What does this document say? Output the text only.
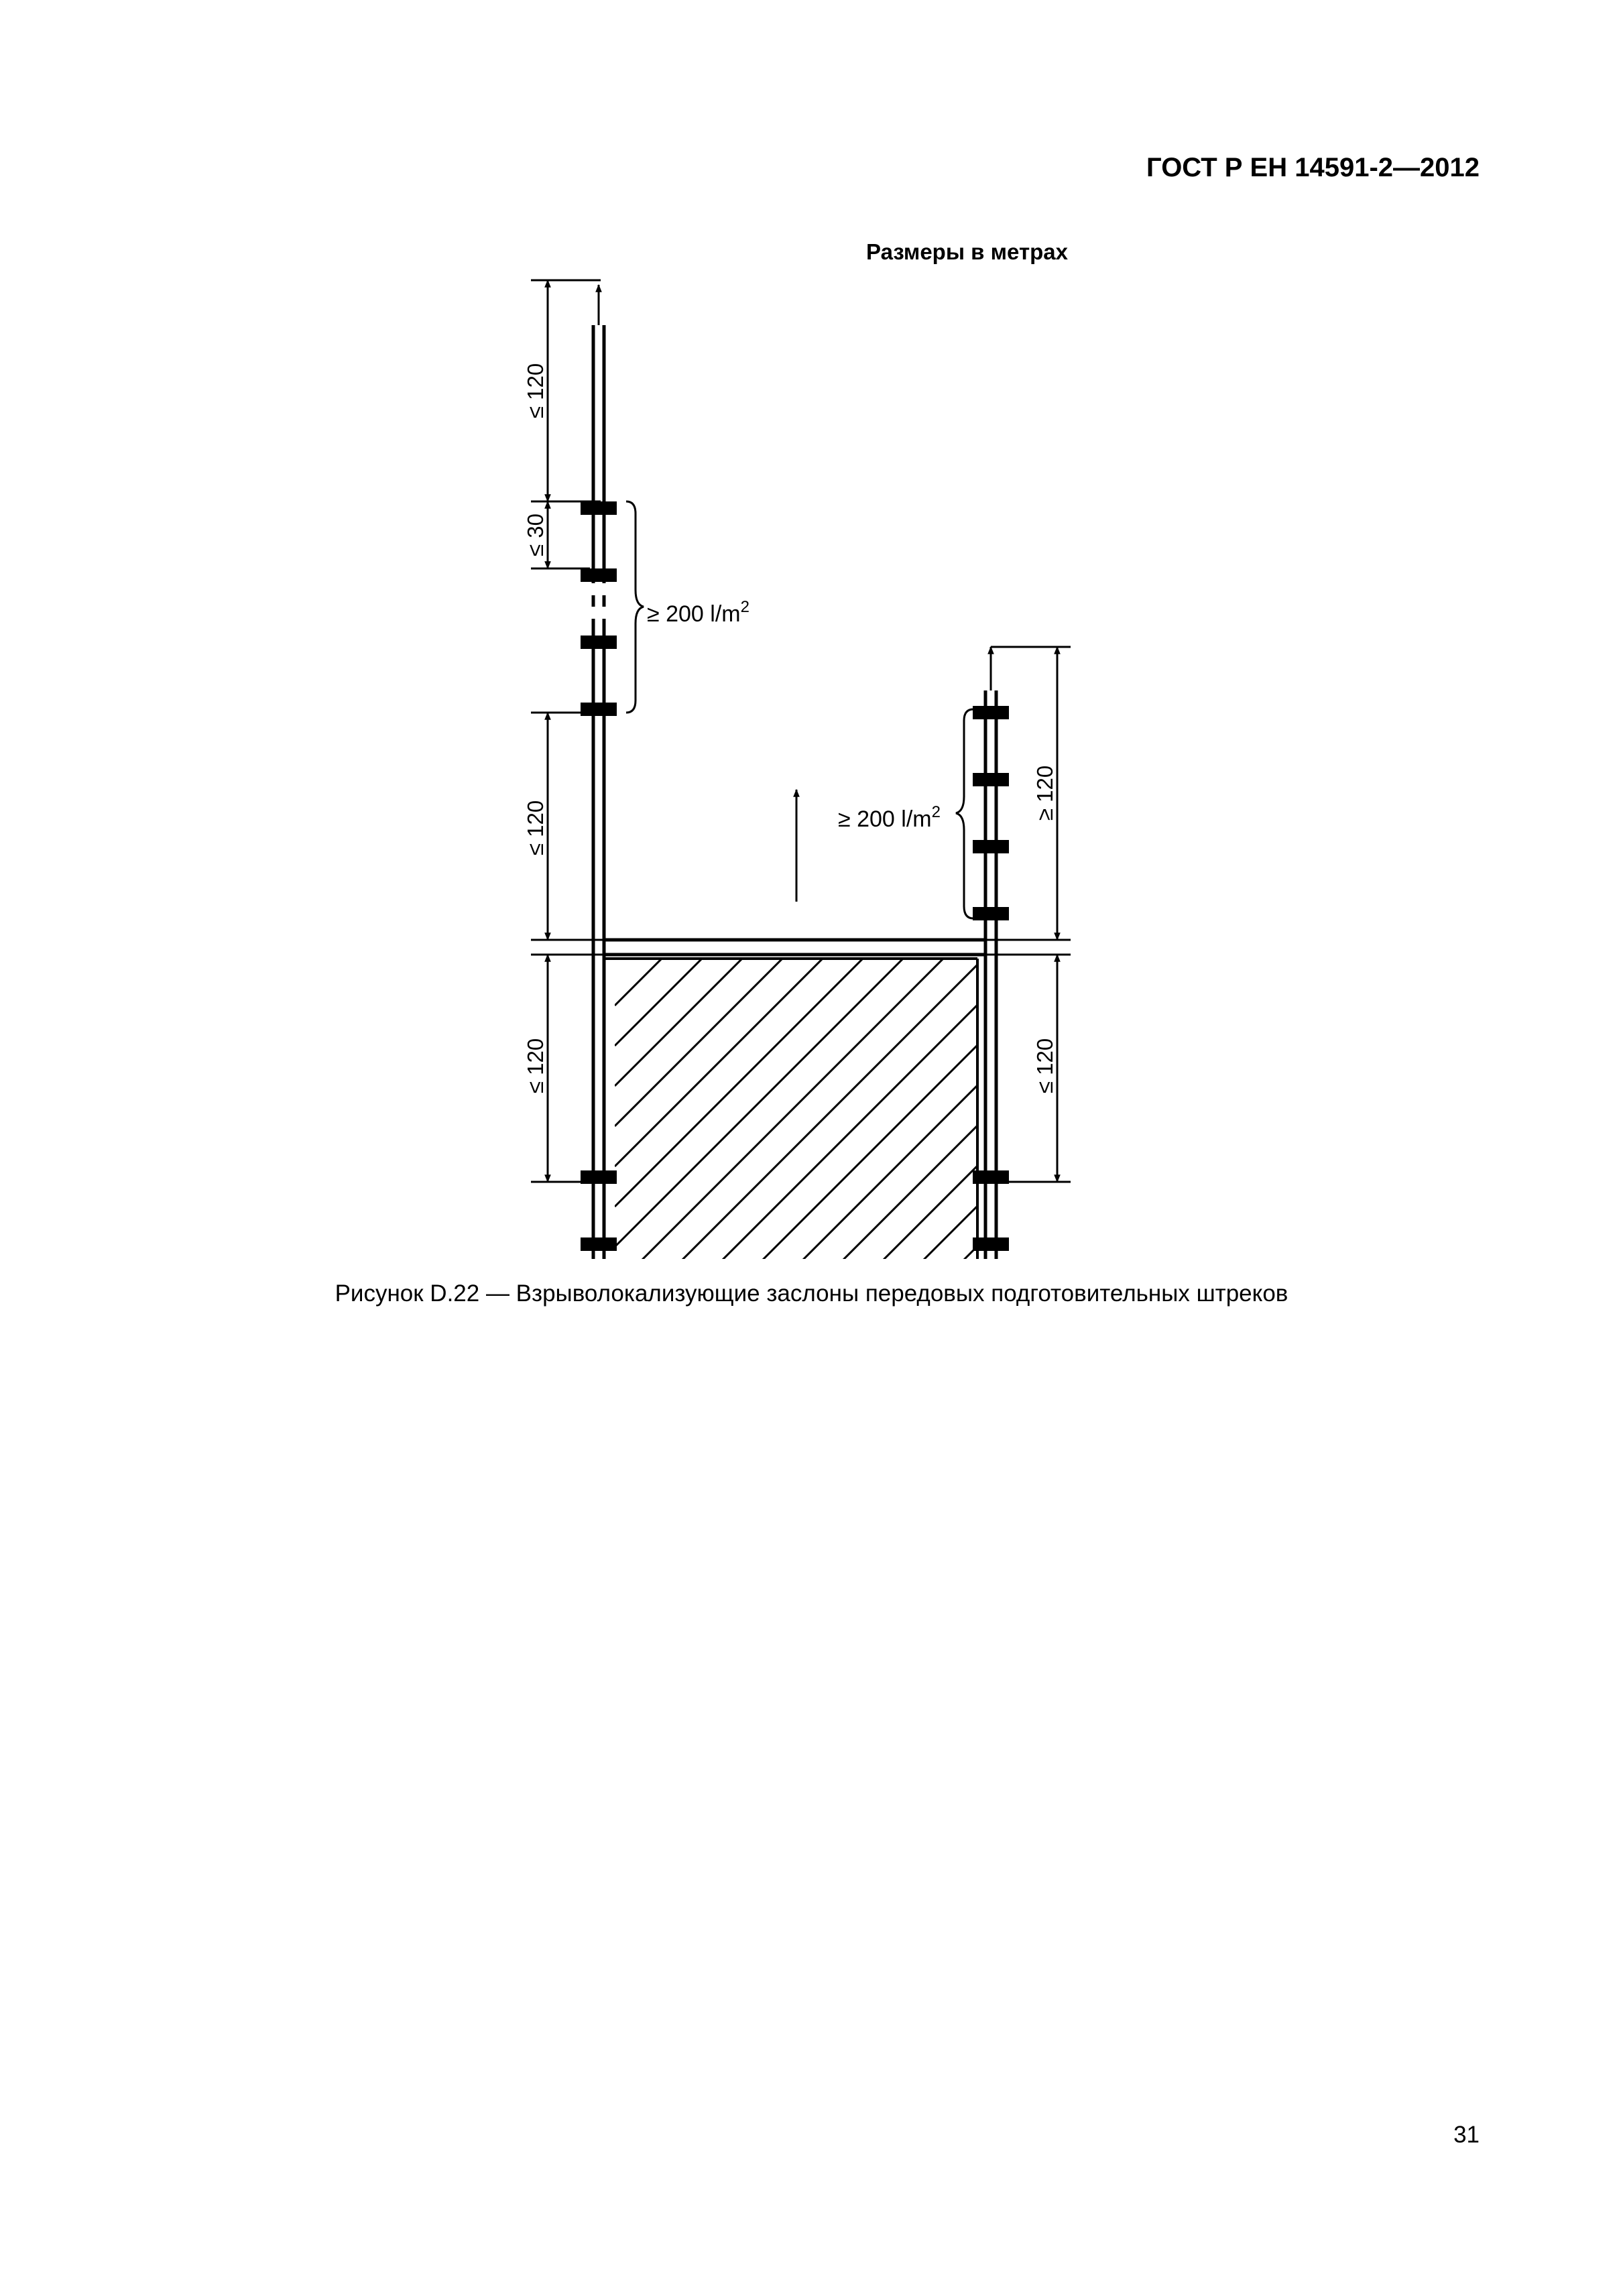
ГОСТ Р ЕН 14591-2—2012
Размеры в метрах
≤ 120
≤ 30
≤ 120
≤ 120
≥ 120
≤ 120
≥ 200 $l/m^2$
≥ 200 $l/m^2$
Рисунок D.22 — Взрыволокализующие заслоны передовых подготовительных штреков
31
